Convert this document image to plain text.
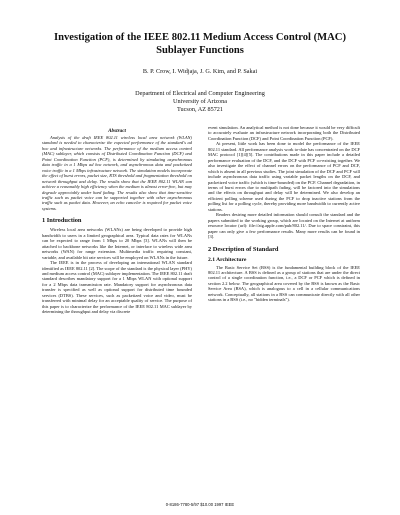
Investigation of the IEEE 802.11 Medium Access Control (MAC) Sublayer Functions
B. P. Crow, I. Widjaja, J. G. Kim, and P. Sakai
Department of Electrical and Computer Engineering
University of Arizona
Tucson, AZ 85721
Abstract

Analysis of the draft IEEE 802.11 wireless local area network (WLAN) standard is needed to characterize the expected performance of the standard's ad hoc and infrastructure networks. The performance of the medium access control (MAC) sublayer, which consists of Distributed Coordination Function (DCF) and Point Coordination Function (PCF), is determined by simulating asynchronous data traffic in a 1 Mbps ad hoc network, and asynchronous data and packetized voice traffic in a 1 Mbps infrastructure network. The simulation models incorporate the effect of burst errors, packet size, RTS threshold and fragmentation threshold on network throughput and delay. The results show that the IEEE 802.11 WLAN can achieve a reasonably high efficiency when the medium is almost error-free, but may degrade appreciably under hard fading. The results also show that time-sensitive traffic such as packet voice can be supported together with other asynchronous traffic such as packet data. However, an echo canceler is required for packet voice systems.

1 Introduction

Wireless local area networks (WLANs) are being developed to provide high bandwidth to users in a limited geographical area. Typical data rates for WLANs can be expected to range from 1 Mbps to 20 Mbps [3]. WLANs will then be attached to backbone networks like the Internet, or interface to wireless wide area networks (WAN) for range extension. Multimedia traffic requiring constant, variable, and available bit rate services will be employed on WLANs in the future.

The IEEE is in the process of developing an international WLAN standard identified as IEEE 802.11 [2]. The scope of the standard is the physical layer (PHY) and medium access control (MAC) sublayer implementation. The IEEE 802.11 draft standard describes mandatory support for a 1 Mbps WLAN with optional support for a 2 Mbps data transmission rate. Mandatory support for asynchronous data transfer is specified as well as optional support for distributed time bounded services (DTBS). These services, such as packetized voice and video, must be transferred with minimal delay for an acceptable quality of service. The purpose of this paper is to characterize the performance of the IEEE 802.11 MAC sublayer by determining the throughput and delay via discrete

event simulation. An analytical method is not done because it would be very difficult to accurately evaluate an infrastructure network incorporating both the Distributed Coordination Function (DCF) and Point Coordination Function (PCF).

At present, little work has been done to model the performance of the IEEE 802.11 standard. All performance analysis work to-date has concentrated on the DCF MAC protocol [1][4][5]. The contributions made in this paper include a detailed performance evaluation of the DCF, and the DCF with PCF co-existing together. We also investigate the effect of channel errors on the performance of PCF and DCF, which is absent in all previous studies. The joint simulation of the DCF and PCF will include asynchronous data traffic using variable packet lengths on the DCF, and packetized voice traffic (which is time-bounded) on the PCF. Channel degradation, in terms of burst errors due to multipath fading, will be factored into the simulations and the effects on throughput and delay will be determined. We also develop an efficient polling scheme used during the PCF to drop inactive stations from the polling list for a polling cycle, thereby providing more bandwidth to currently active stations.

Readers desiring more detailed information should consult the standard and the papers submitted to the working group, which are located on the Internet at uniform resource locator (url): file://atg.apple.com/pub/802.11/. Due to space constraint, this paper can only give a few performance results. Many more results can be found in [3].

2 Description of Standard
2.1 Architecture

The Basic Service Set (BSS) is the fundamental building block of the IEEE 802.11 architecture. A BSS is defined as a group of stations that are under the direct control of a single coordination function, i.e., a DCF or PCF which is defined in section 2.2 below. The geographical area covered by the BSS is known as the Basic Service Area (BSA), which is analogous to a cell in a cellular communications network. Conceptually, all stations in a BSS can communicate directly with all other stations in a BSS (i.e., no "hidden terminals").

0-8186-7780-5/97 $10.00 1997 IEEE
